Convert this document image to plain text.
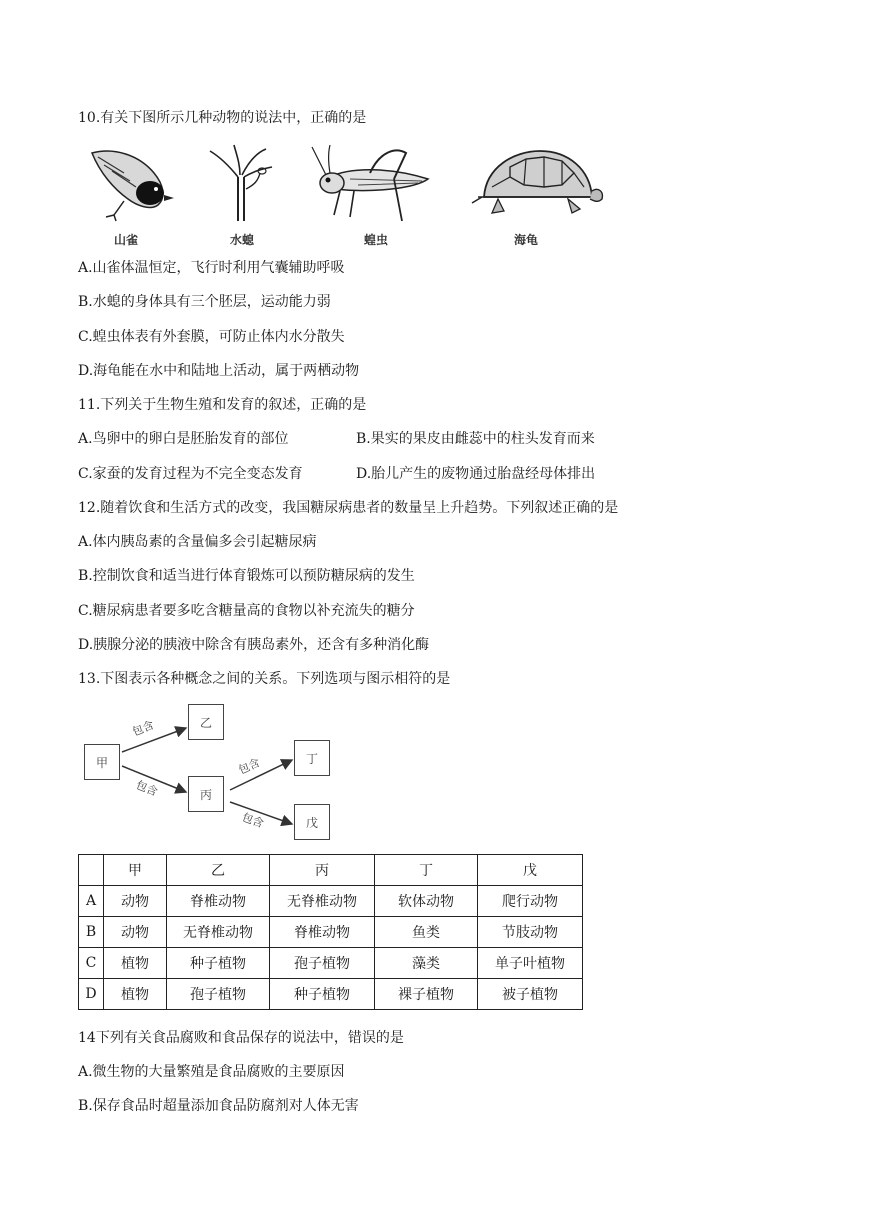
10.有关下图所示几种动物的说法中，正确的是
山雀	水螅	蝗虫	海龟
A.山雀体温恒定，飞行时利用气囊辅助呼吸
B.水螅的身体具有三个胚层，运动能力弱
C.蝗虫体表有外套膜，可防止体内水分散失
D.海龟能在水中和陆地上活动，属于两栖动物
11.下列关于生物生殖和发育的叙述，正确的是
A.鸟卵中的卵白是胚胎发育的部位	B.果实的果皮由雌蕊中的柱头发育而来
C.家蚕的发育过程为不完全变态发育	D.胎儿产生的废物通过胎盘经母体排出
12.随着饮食和生活方式的改变，我国糖尿病患者的数量呈上升趋势。下列叙述正确的是
A.体内胰岛素的含量偏多会引起糖尿病
B.控制饮食和适当进行体育锻炼可以预防糖尿病的发生
C.糖尿病患者要多吃含糖量高的食物以补充流失的糖分
D.胰腺分泌的胰液中除含有胰岛素外，还含有多种消化酶
13.下图表示各种概念之间的关系。下列选项与图示相符的是
甲
乙
丙
丁
戊
包含
包含
包含
包含
	甲	乙	丙	丁	戊
A	动物	脊椎动物	无脊椎动物	软体动物	爬行动物
B	动物	无脊椎动物	脊椎动物	鱼类	节肢动物
C	植物	种子植物	孢子植物	藻类	单子叶植物
D	植物	孢子植物	种子植物	裸子植物	被子植物
14下列有关食品腐败和食品保存的说法中，错误的是
A.微生物的大量繁殖是食品腐败的主要原因
B.保存食品时超量添加食品防腐剂对人体无害
